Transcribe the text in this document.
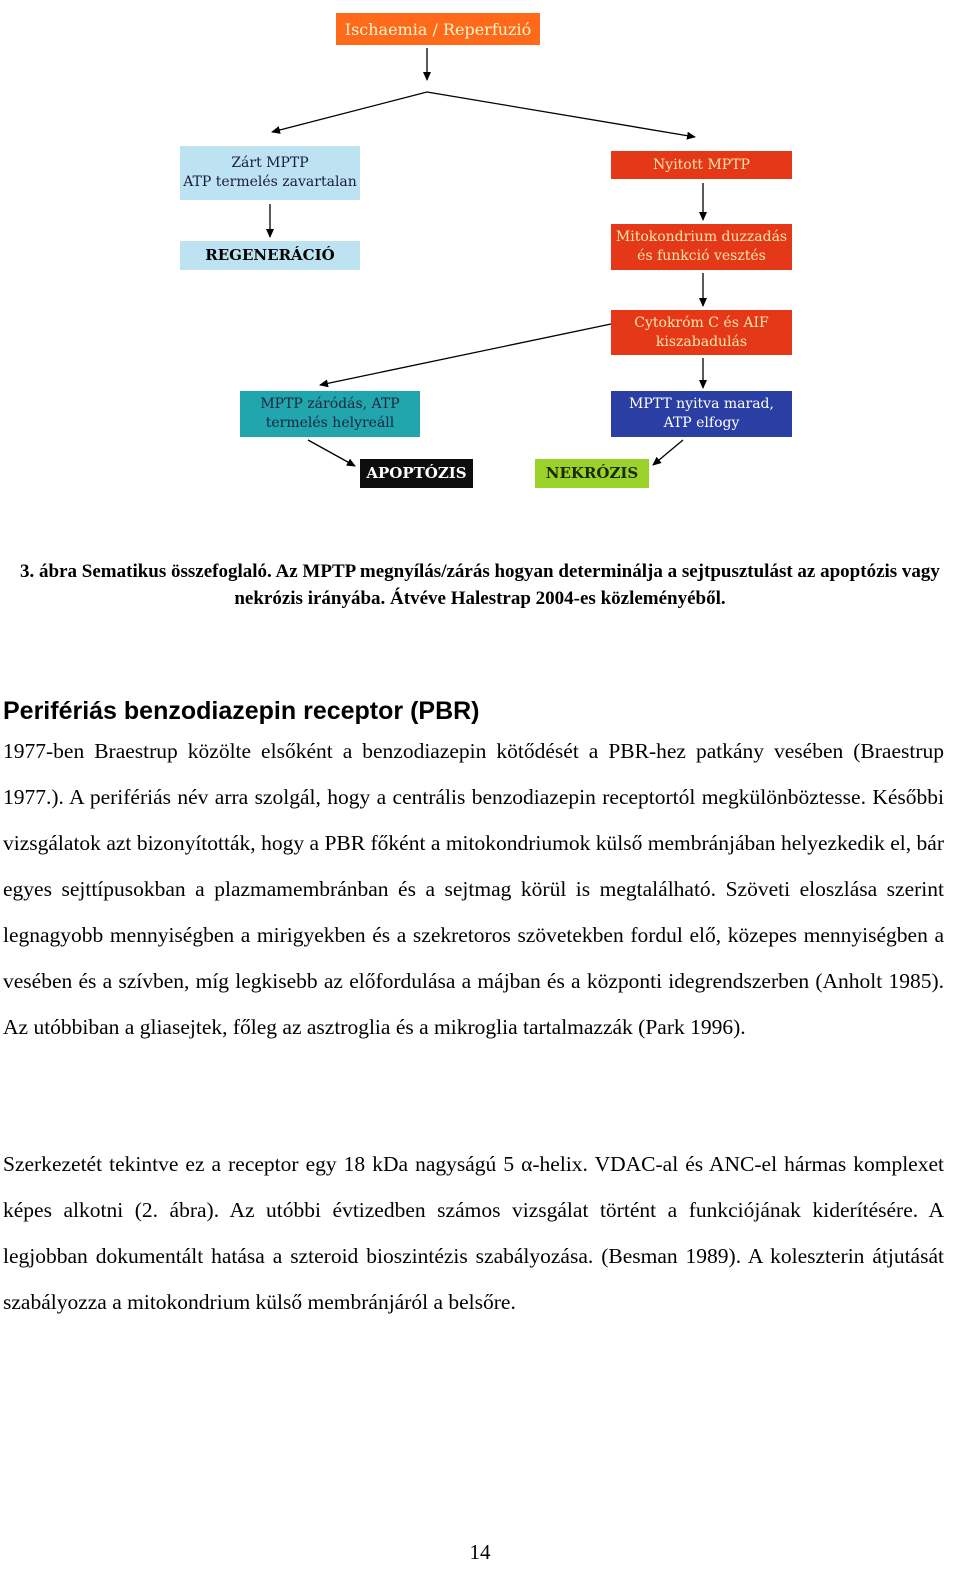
Ischaemia / Reperfuzió
Zárt MPTP
ATP termelés zavartalan
REGENERÁCIÓ
Nyitott MPTP
Mitokondrium duzzadás
és funkció vesztés
Cytokróm C és AIF
kiszabadulás
MPTP záródás, ATP
termelés helyreáll
MPTT nyitva marad,
ATP elfogy
APOPTÓZIS	NEKRÓZIS
3. ábra Sematikus összefoglaló. Az MPTP megnyílás/zárás hogyan determinálja a sejtpusztulást az apoptózis vagy nekrózis irányába. Átvéve Halestrap 2004-es közleményéből.
Perifériás benzodiazepin receptor (PBR)

1977-ben Braestrup közölte elsőként a benzodiazepin kötődését a PBR-hez patkány vesében (Braestrup 1977.). A perifériás név arra szolgál, hogy a centrális benzodiazepin receptortól megkülönböztesse. Későbbi vizsgálatok azt bizonyították, hogy a PBR főként a mitokondriumok külső membránjában helyezkedik el, bár egyes sejttípusokban a plazmamembránban és a sejtmag körül is megtalálható. Szöveti eloszlása szerint legnagyobb mennyiségben a mirigyekben és a szekretoros szövetekben fordul elő, közepes mennyiségben a vesében és a szívben, míg legkisebb az előfordulása a májban és a központi idegrendszerben (Anholt 1985). Az utóbbiban a gliasejtek, főleg az asztroglia és a mikroglia tartalmazzák (Park 1996).

Szerkezetét tekintve ez a receptor egy 18 kDa nagyságú 5 α-helix. VDAC-al és ANC-el hármas komplexet képes alkotni (2. ábra). Az utóbbi évtizedben számos vizsgálat történt a funkciójának kiderítésére. A legjobban dokumentált hatása a szteroid bioszintézis szabályozása. (Besman 1989). A koleszterin átjutását szabályozza a mitokondrium külső membránjáról a belsőre.

14
